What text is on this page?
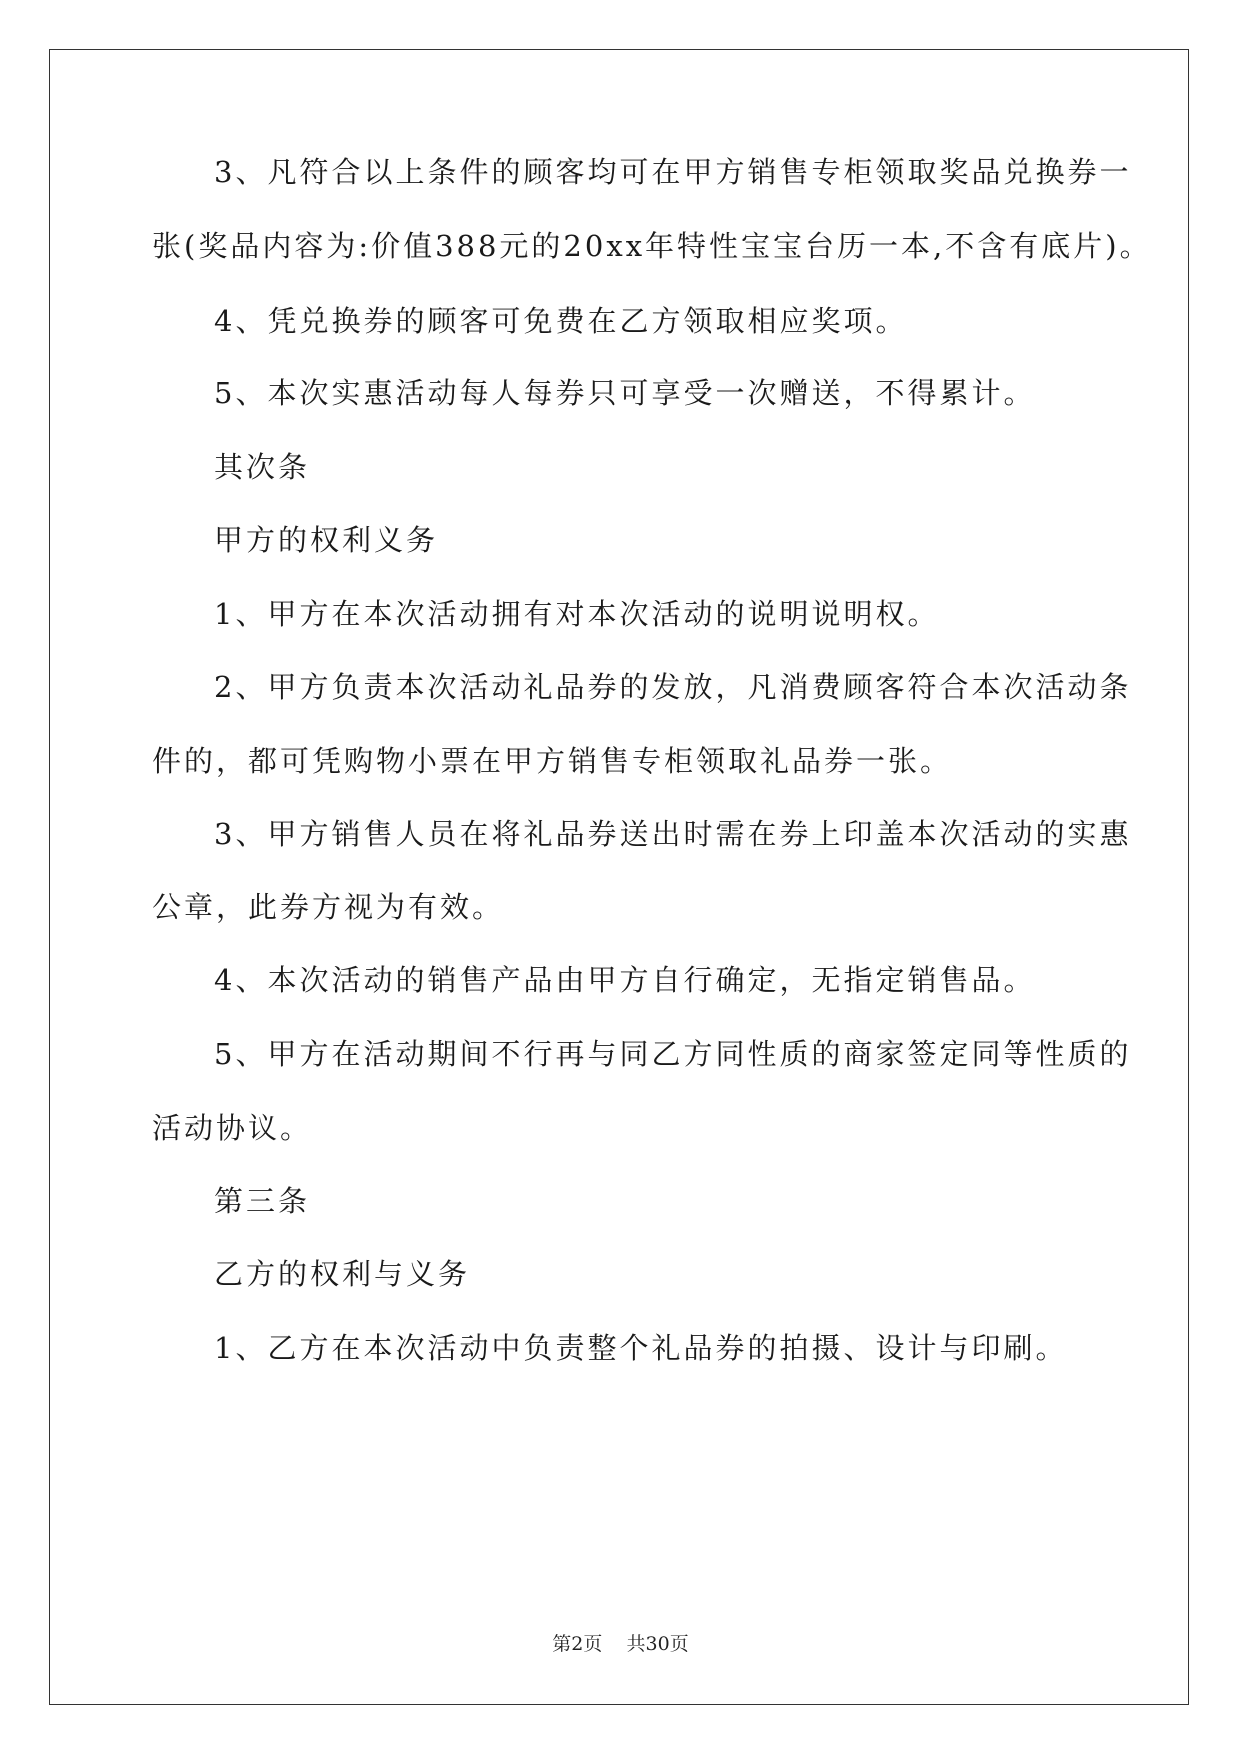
3、凡符合以上条件的顾客均可在甲方销售专柜领取奖品兑换券一
张(奖品内容为:价值388元的20xx年特性宝宝台历一本,不含有底片)。
4、凭兑换券的顾客可免费在乙方领取相应奖项。
5、本次实惠活动每人每券只可享受一次赠送，不得累计。
其次条
甲方的权利义务
1、甲方在本次活动拥有对本次活动的说明说明权。
2、甲方负责本次活动礼品券的发放，凡消费顾客符合本次活动条
件的，都可凭购物小票在甲方销售专柜领取礼品券一张。
3、甲方销售人员在将礼品券送出时需在券上印盖本次活动的实惠
公章，此券方视为有效。
4、本次活动的销售产品由甲方自行确定，无指定销售品。
5、甲方在活动期间不行再与同乙方同性质的商家签定同等性质的
活动协议。
第三条
乙方的权利与义务
1、乙方在本次活动中负责整个礼品券的拍摄、设计与印刷。
第2页 共30页
